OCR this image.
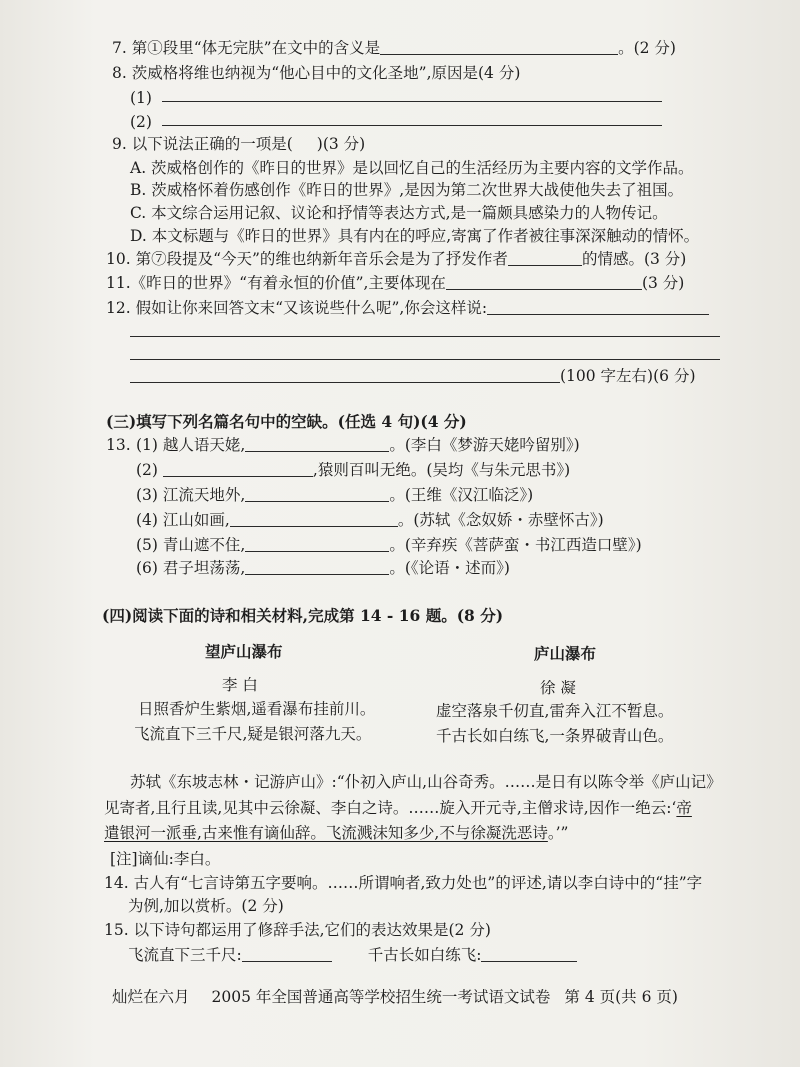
7. 第①段里“体无完肤”在文中的含义是	。(2 分)
8. 茨威格将维也纳视为“他心目中的文化圣地”,原因是(4 分)
(1)
(2)
9. 以下说法正确的一项是( )(3 分)
A. 茨威格创作的《昨日的世界》是以回忆自己的生活经历为主要内容的文学作品。
B. 茨威格怀着伤感创作《昨日的世界》,是因为第二次世界大战使他失去了祖国。
C. 本文综合运用记叙、议论和抒情等表达方式,是一篇颇具感染力的人物传记。
D. 本文标题与《昨日的世界》具有内在的呼应,寄寓了作者被往事深深触动的情怀。
10. 第⑦段提及“今天”的维也纳新年音乐会是为了抒发作者	的情感。(3 分)
11.《昨日的世界》“有着永恒的价值”,主要体现在	(3 分)
12. 假如让你来回答文末“又该说些什么呢”,你会这样说:
(100 字左右)(6 分)
(三)填写下列名篇名句中的空缺。(任选 4 句)(4 分)
13. (1) 越人语天姥,	。(李白《梦游天姥吟留别》)
(2)	,猿则百叫无绝。(吴均《与朱元思书》)
(3) 江流天地外,	。(王维《汉江临泛》)
(4) 江山如画,	。(苏轼《念奴娇・赤壁怀古》)
(5) 青山遮不住,	。(辛弃疾《菩萨蛮・书江西造口壁》)
(6) 君子坦荡荡,	。(《论语・述而》)
(四)阅读下面的诗和相关材料,完成第 14 - 16 题。(8 分)
望庐山瀑布
李 白
日照香炉生紫烟,遥看瀑布挂前川。
飞流直下三千尺,疑是银河落九天。
庐山瀑布
徐 凝
虚空落泉千仞直,雷奔入江不暂息。
千古长如白练飞,一条界破青山色。
苏轼《东坡志林・记游庐山》:“仆初入庐山,山谷奇秀。……是日有以陈令举《庐山记》
见寄者,且行且读,见其中云徐凝、李白之诗。……旋入开元寺,主僧求诗,因作一绝云:‘帝
遣银河一派垂,古来惟有谪仙辞。飞流溅沫知多少,不与徐凝洗恶诗。’”
[注]谪仙:李白。
14. 古人有“七言诗第五字要响。……所谓响者,致力处也”的评述,请以李白诗中的“挂”字
为例,加以赏析。(2 分)
15. 以下诗句都运用了修辞手法,它们的表达效果是(2 分)
飞流直下三千尺:	千古长如白练飞:
灿烂在六月 2005 年全国普通高等学校招生统一考试语文试卷 第 4 页(共 6 页)
